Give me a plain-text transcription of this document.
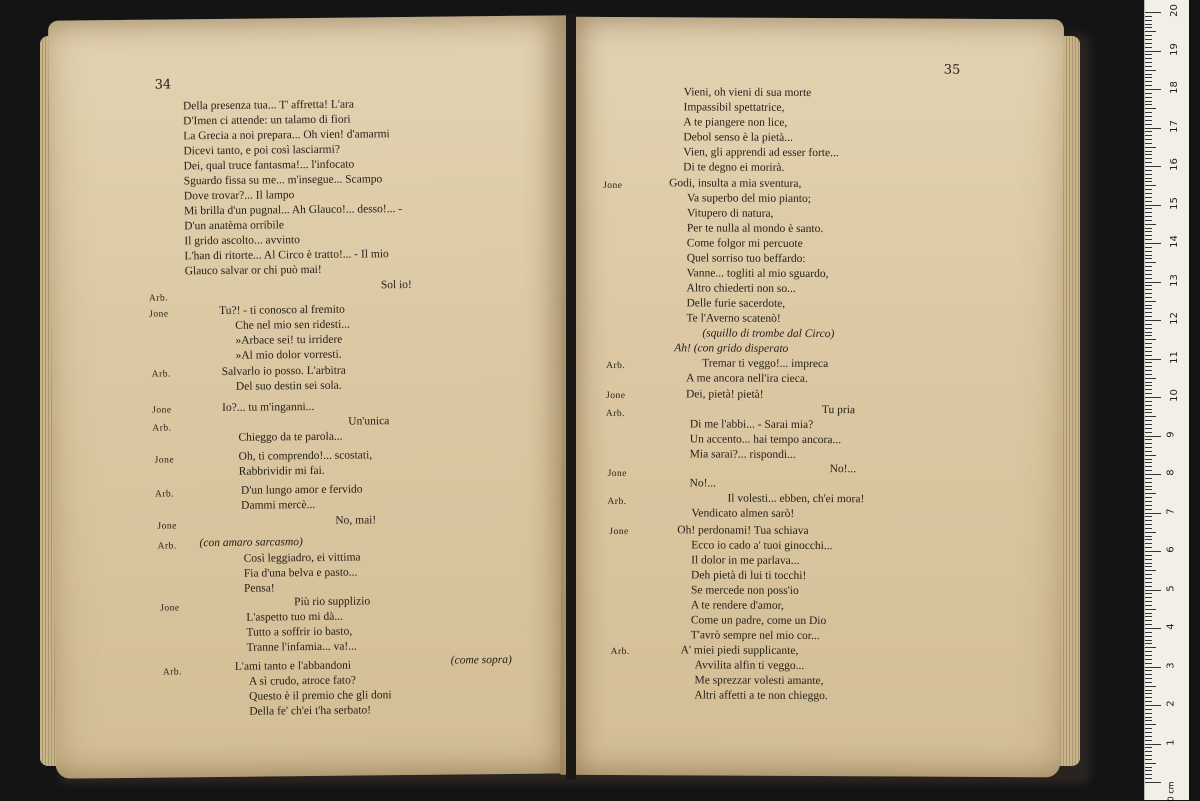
34
Della presenza tua... T' affretta! L'ara
D'Imen ci attende: un talamo di fiori
La Grecia a noi prepara... Oh vien! d'amarmi
Dicevi tanto, e poi così lasciarmi?
Dei, qual truce fantasma!... l'infocato
Sguardo fissa su me... m'insegue... Scampo
Dove trovar?... Il lampo
Mi brilla d'un pugnal... Ah Glauco!... desso!... -
D'un anatèma orribile
Il grido ascolto... avvinto
L'han di ritorte... Al Circo è tratto!... - Il mio
Glauco salvar or chi può mai!
Sol io!
Arb.
Jone	Tu?! - ti conosco al fremito
Che nel mio sen ridesti...
»Arbace sei! tu irridere
»Al mio dolor vorresti.
Arb.	Salvarlo io posso. L'arbitra
Del suo destin sei sola.
Jone	Io?... tu m'inganni...
Un'unica
Arb.
Chieggo da te parola...
Jone	Oh, ti comprendo!... scostati,
Rabbrividir mi fai.
Arb.	D'un lungo amor e fervido
Dammi mercè...
No, mai!
Jone
Arb. (con amaro sarcasmo)
Così leggiadro, ei vittima
Fia d'una belva e pasto...
Pensa!
Più rio supplizio
Jone
L'aspetto tuo mi dà...
Tutto a soffrir io basto,
Tranne l'infamia... va!...
Arb.	L'ami tanto e l'abbandoni	(come sopra)
A sì crudo, atroce fato?
Questo è il premio che gli doni
Della fe' ch'ei t'ha serbato!
35
Vieni, oh vieni di sua morte
Impassibil spettatrice,
A te piangere non lice,
Debol senso è la pietà...
Vien, gli apprendi ad esser forte...
Di te degno ei morirà.
Jone	Godi, insulta a mia sventura,
Va superbo del mio pianto;
Vitupero di natura,
Per te nulla al mondo è santo.
Come folgor mi percuote
Quel sorriso tuo beffardo:
Vanne... togliti al mio sguardo,
Altro chiederti non so...
Delle furie sacerdote,
Te l'Averno scatenò!
(squillo di trombe dal Circo)
Ah! (con grido disperato
Arb.	Tremar ti veggo!... impreca
A me ancora nell'ira cieca.
Jone	Dei, pietà! pietà!
Tu pria
Arb.
Di me l'abbi... - Sarai mia?
Un accento... hai tempo ancora...
Mia sarai?... rispondi...
No!...
Jone
No!...
Arb.	Il volesti... ebben, ch'ei mora!
Vendicato almen sarò!
Jone	Oh! perdonami! Tua schiava
Ecco io cado a' tuoi ginocchi...
Il dolor in me parlava...
Deh pietà di lui ti tocchi!
Se mercede non poss'io
A te rendere d'amor,
Come un padre, come un Dio
T'avrò sempre nel mio cor...
Arb.	A' miei piedi supplicante,
Avvilita alfin ti veggo...
Me sprezzar volesti amante,
Altri affetti a te non chieggo.
0 cm
1
2
3
4
5
6
7
8
9
10
11
12
13
14
15
16
17
18
19
20
